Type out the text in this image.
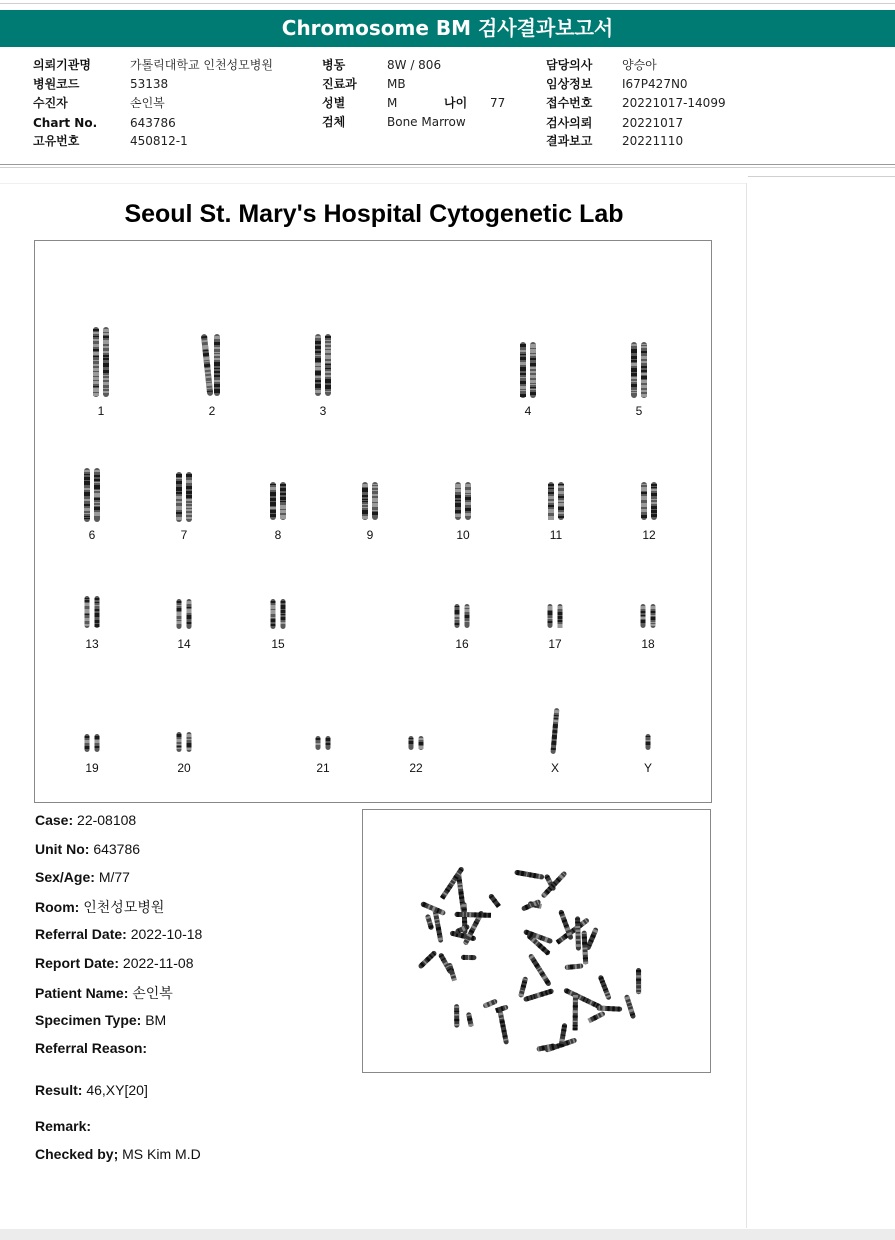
Chromosome BM 검사결과보고서
의뢰기관명	가톨릭대학교 인천성모병원
병원코드	53138
수진자	손인복
Chart No.	643786
고유번호	450812-1
병동	8W / 806
진료과	MB
성별	M	나이 77
검체	Bone Marrow
담당의사 양승아
임상정보 I67P427N0
접수번호 20221017-14099
검사의뢰 20221017
결과보고 20221110
Seoul St. Mary's Hospital Cytogenetic Lab
1	2	3	4	5
6	7	8	9	10	11	12
13	14	15	16	17	18
19	20	21	22	X	Y
Case: 22-08108
Unit No: 643786
Sex/Age: M/77
Room: 인천성모병원
Referral Date: 2022-10-18
Report Date: 2022-11-08
Patient Name: 손인복
Specimen Type: BM
Referral Reason:
Result: 46,XY[20]
Remark:
Checked by; MS Kim M.D
